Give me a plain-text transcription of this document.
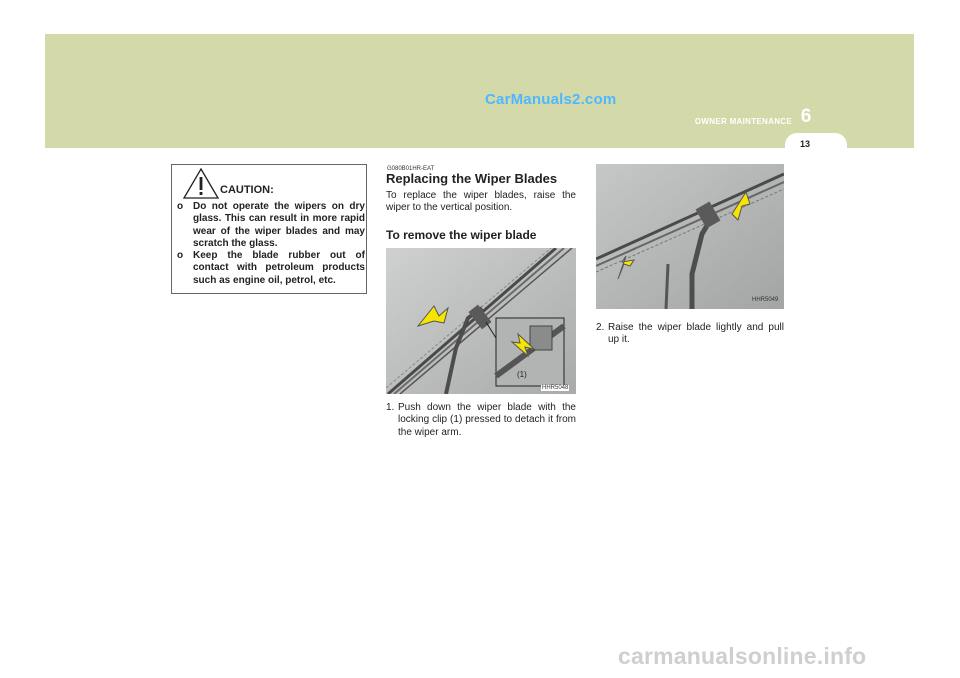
CarManuals2.com
6
OWNER MAINTENANCE
13
CAUTION:
o Do not operate the wipers on dry glass. This can result in more rapid wear of the wiper blades and may scratch the glass.
o Keep the blade rubber out of contact with petroleum products such as engine oil, petrol, etc.
G080B01HR-EAT
Replacing the Wiper Blades
To replace the wiper blades, raise the wiper to the vertical position.
To remove the wiper blade
(1)
HHR5048
1. Push down the wiper blade with the locking clip (1) pressed to detach it from the wiper arm.
HHR5049
2. Raise the wiper blade lightly and pull up it.
carmanualsonline.info
